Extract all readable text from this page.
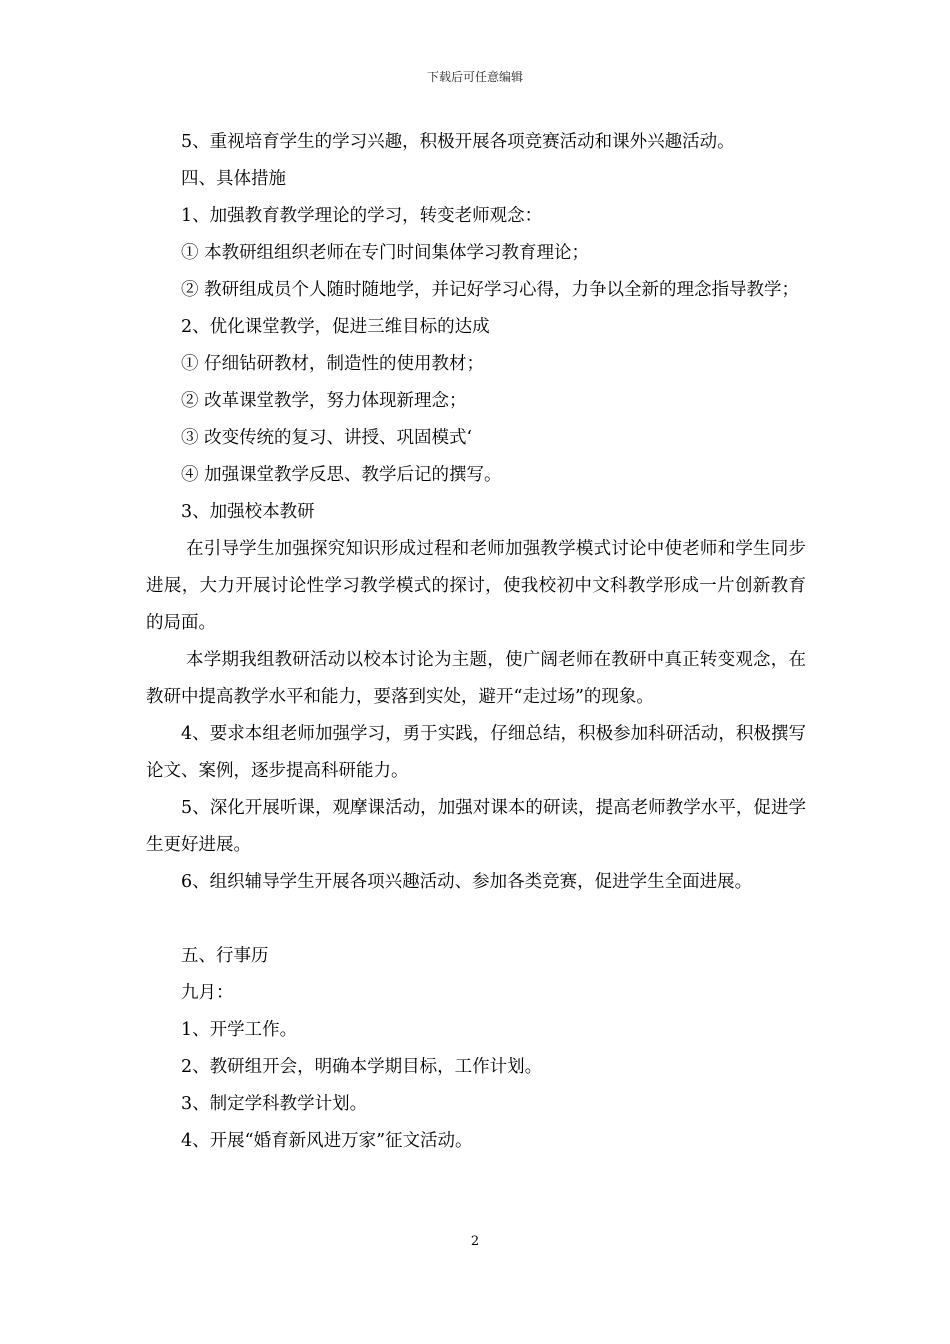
下载后可任意编辑

5、重视培育学生的学习兴趣，积极开展各项竞赛活动和课外兴趣活动。

四、具体措施

1、加强教育教学理论的学习，转变老师观念：

① 本教研组组织老师在专门时间集体学习教育理论；

② 教研组成员个人随时随地学，并记好学习心得，力争以全新的理念指导教学；

2、优化课堂教学，促进三维目标的达成

① 仔细钻研教材，制造性的使用教材；

② 改革课堂教学，努力体现新理念；

③ 改变传统的复习、讲授、巩固模式‘

④ 加强课堂教学反思、教学后记的撰写。

3、加强校本教研

在引导学生加强探究知识形成过程和老师加强教学模式讨论中使老师和学生同步进展，大力开展讨论性学习教学模式的探讨，使我校初中文科教学形成一片创新教育的局面。

本学期我组教研活动以校本讨论为主题，使广阔老师在教研中真正转变观念，在教研中提高教学水平和能力，要落到实处，避开“走过场”的现象。

4、要求本组老师加强学习，勇于实践，仔细总结，积极参加科研活动，积极撰写论文、案例，逐步提高科研能力。

5、深化开展听课，观摩课活动，加强对课本的研读，提高老师教学水平，促进学生更好进展。

6、组织辅导学生开展各项兴趣活动、参加各类竞赛，促进学生全面进展。

五、行事历

九月：

1、开学工作。

2、教研组开会，明确本学期目标，工作计划。

3、制定学科教学计划。

4、开展“婚育新风进万家”征文活动。

2
